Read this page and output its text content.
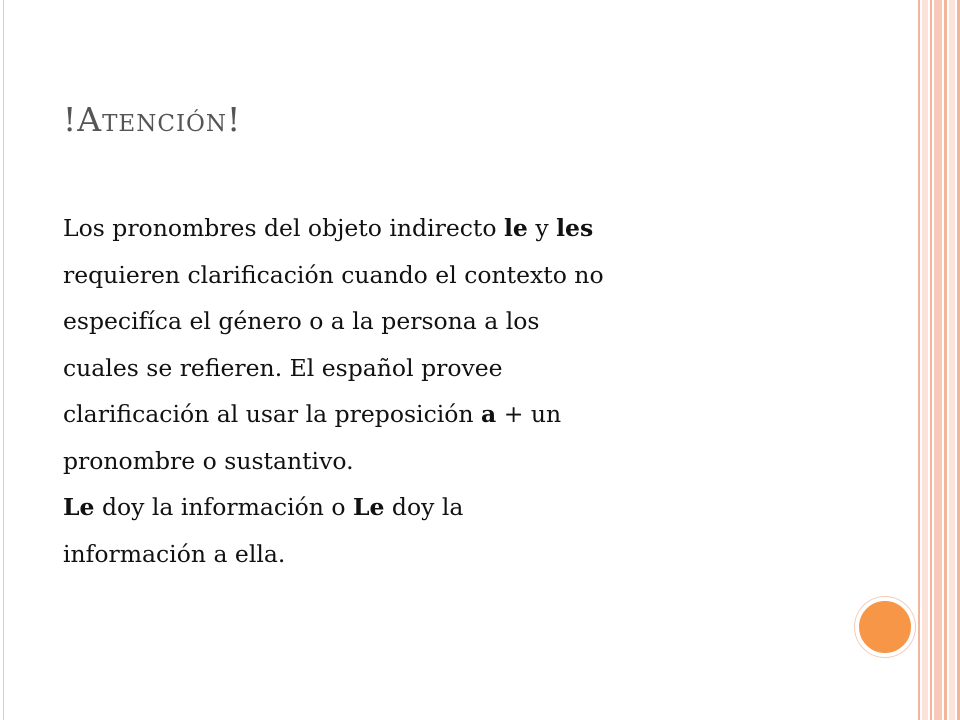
!Atención!
Los pronombres del objeto indirecto le y les
requieren clarificación cuando el contexto no
especifíca el género o a la persona a los
cuales se refieren. El español provee
clarificación al usar la preposición a + un
pronombre o sustantivo.
Le doy la información o Le doy la
información a ella.
